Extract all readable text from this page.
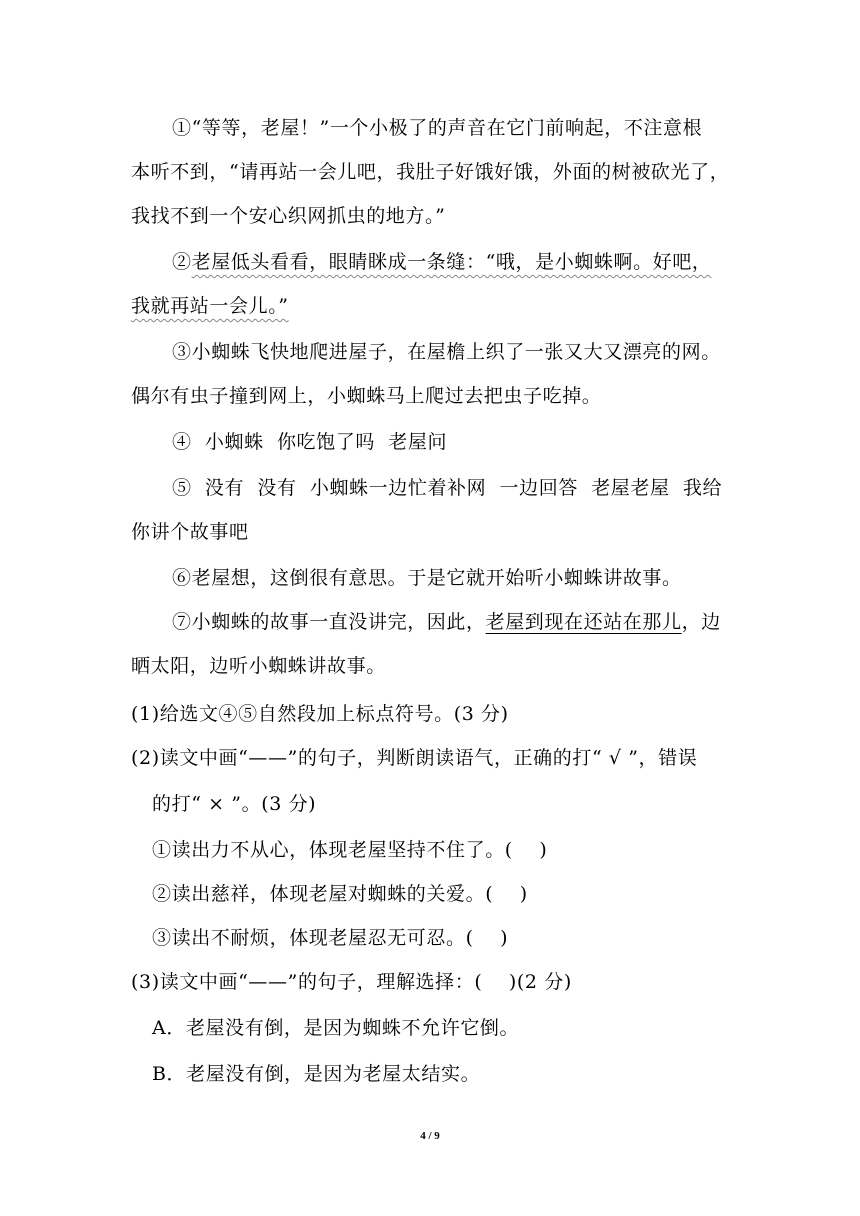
①“等等，老屋！”一个小极了的声音在它门前响起，不注意根
本听不到，“请再站一会儿吧，我肚子好饿好饿，外面的树被砍光了，
我找不到一个安心织网抓虫的地方。”
②老屋低头看看，眼睛眯成一条缝：“哦，是小蜘蛛啊。好吧，
我就再站一会儿。”
③小蜘蛛飞快地爬进屋子，在屋檐上织了一张又大又漂亮的网。
偶尔有虫子撞到网上，小蜘蛛马上爬过去把虫子吃掉。
④  小蜘蛛  你吃饱了吗  老屋问
⑤  没有  没有  小蜘蛛一边忙着补网  一边回答  老屋老屋  我给
你讲个故事吧
⑥老屋想，这倒很有意思。于是它就开始听小蜘蛛讲故事。
⑦小蜘蛛的故事一直没讲完，因此，老屋到现在还站在那儿，边
晒太阳，边听小蜘蛛讲故事。
(1)给选文④⑤自然段加上标点符号。(3 分)
(2)读文中画“——”的句子，判断朗读语气，正确的打“ √ ”，错误
的打“ × ”。(3 分)
①读出力不从心，体现老屋坚持不住了。(    )
②读出慈祥，体现老屋对蜘蛛的关爱。(    )
③读出不耐烦，体现老屋忍无可忍。(    )
(3)读文中画“——”的句子，理解选择：(    )(2 分)
A．老屋没有倒，是因为蜘蛛不允许它倒。
B．老屋没有倒，是因为老屋太结实。
4 / 9
